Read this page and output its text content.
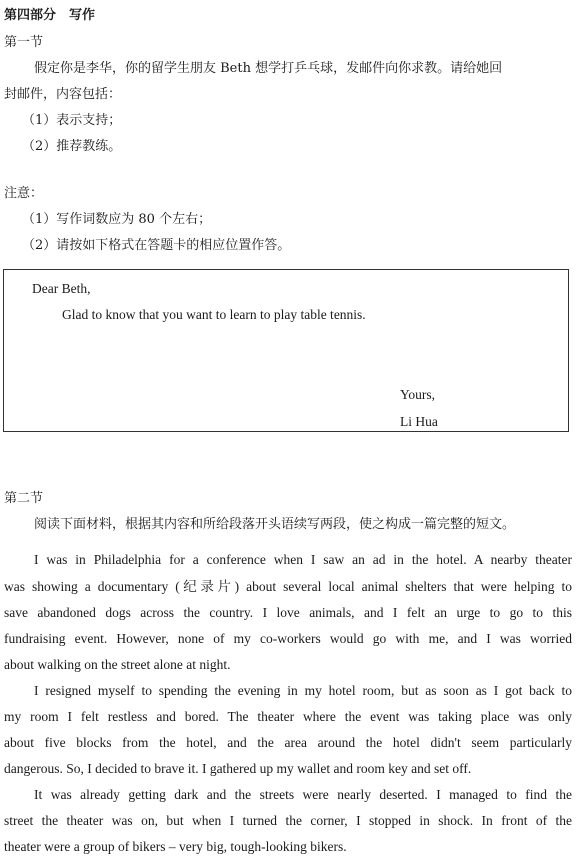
第四部分　写作
第一节
假定你是李华，你的留学生朋友 Beth 想学打乒乓球，发邮件向你求教。请给她回
封邮件，内容包括：
（1）表示支持；
（2）推荐教练。
注意：
（1）写作词数应为 80 个左右；
（2）请按如下格式在答题卡的相应位置作答。
Dear Beth,
Glad to know that you want to learn to play table tennis.
Yours,
Li Hua
第二节
阅读下面材料，根据其内容和所给段落开头语续写两段，使之构成一篇完整的短文。
I was in Philadelphia for a conference when I saw an ad in the hotel. A nearby theater
was showing a documentary (纪录片) about several local animal shelters that were helping to
save abandoned dogs across the country. I love animals, and I felt an urge to go to this
fundraising event. However, none of my co-workers would go with me, and I was worried
about walking on the street alone at night.
I resigned myself to spending the evening in my hotel room, but as soon as I got back to
my room I felt restless and bored. The theater where the event was taking place was only
about five blocks from the hotel, and the area around the hotel didn't seem particularly
dangerous. So, I decided to brave it. I gathered up my wallet and room key and set off.
It was already getting dark and the streets were nearly deserted. I managed to find the
street the theater was on, but when I turned the corner, I stopped in shock. In front of the
theater were a group of bikers – very big, tough-looking bikers.
